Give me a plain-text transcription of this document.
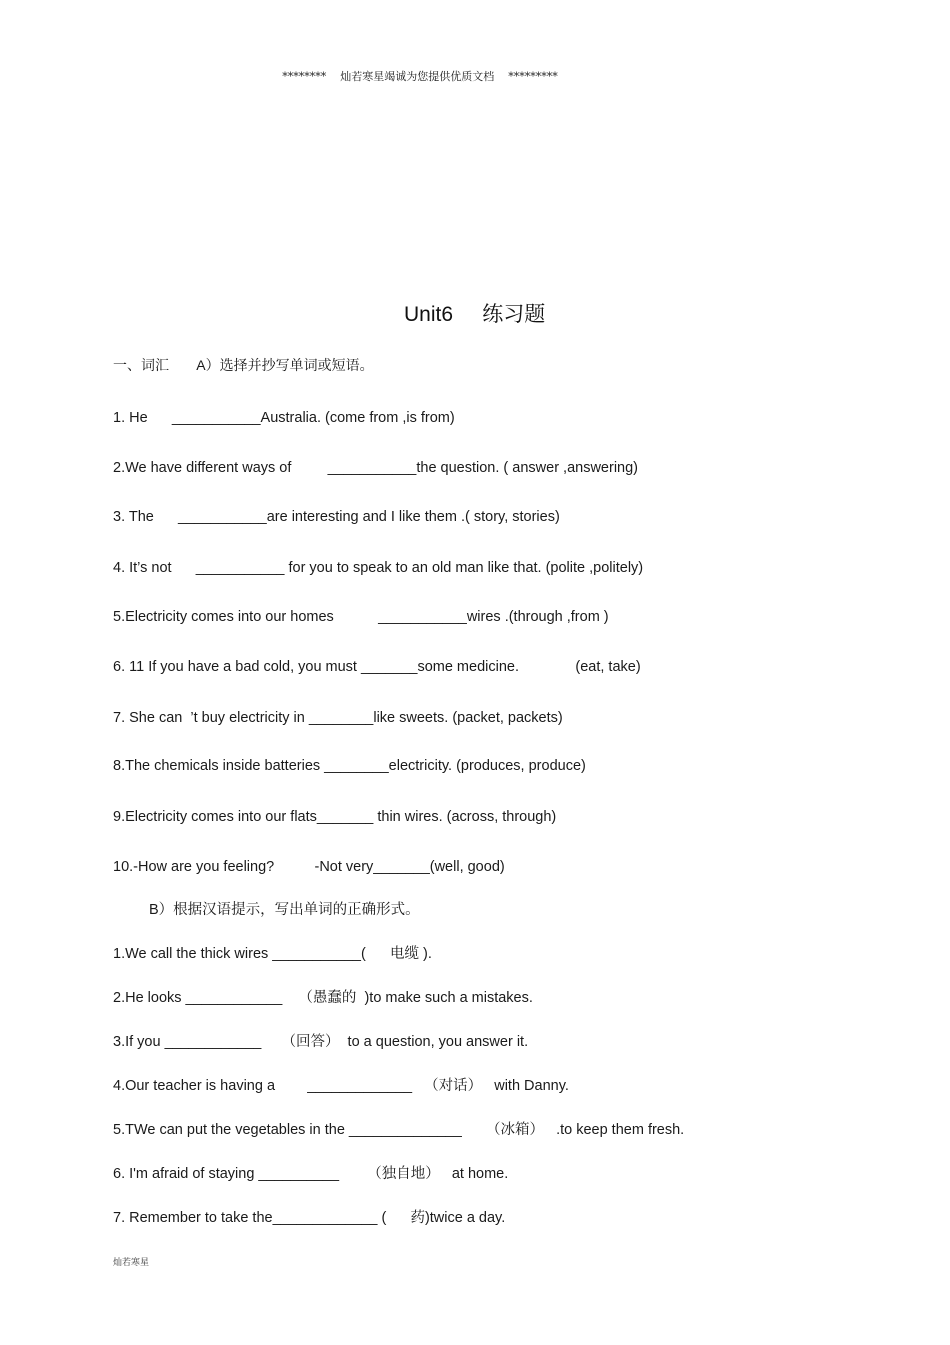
********    灿若寒星竭诚为您提供优质文档    *********
Unit6     练习题
一、词汇       A）选择并抄写单词或短语。
1. He      ___________Australia. (come from ,is from)
2.We have different ways of         ___________the question. ( answer ,answering)
3. The      ___________are interesting and I like them .( story, stories)
4. It’s not      ___________ for you to speak to an old man like that. (polite ,politely)
5.Electricity comes into our homes           ___________wires .(through ,from )
6. 11 If you have a bad cold, you must _______some medicine.              (eat, take)
7. She can  ’t buy electricity in ________like sweets. (packet, packets)
8.The chemicals inside batteries ________electricity. (produces, produce)
9.Electricity comes into our flats_______ thin wires. (across, through)
10.-How are you feeling?          -Not very_______(well, good)
B）根据汉语提示，写出单词的正确形式。
1.We call the thick wires ___________(      电缆 ).
2.He looks ____________    （愚蠢的  )to make such a mistakes.
3.If you ____________     （回答）  to a question, you answer it.
4.Our teacher is having a        _____________   （对话）   with Danny.
5.TWe can put the vegetables in the ______________      （冰箱）   .to keep them fresh.
6. I'm afraid of staying __________       （独自地）   at home.
7. Remember to take the_____________ (      药)twice a day.
灿若寒星
